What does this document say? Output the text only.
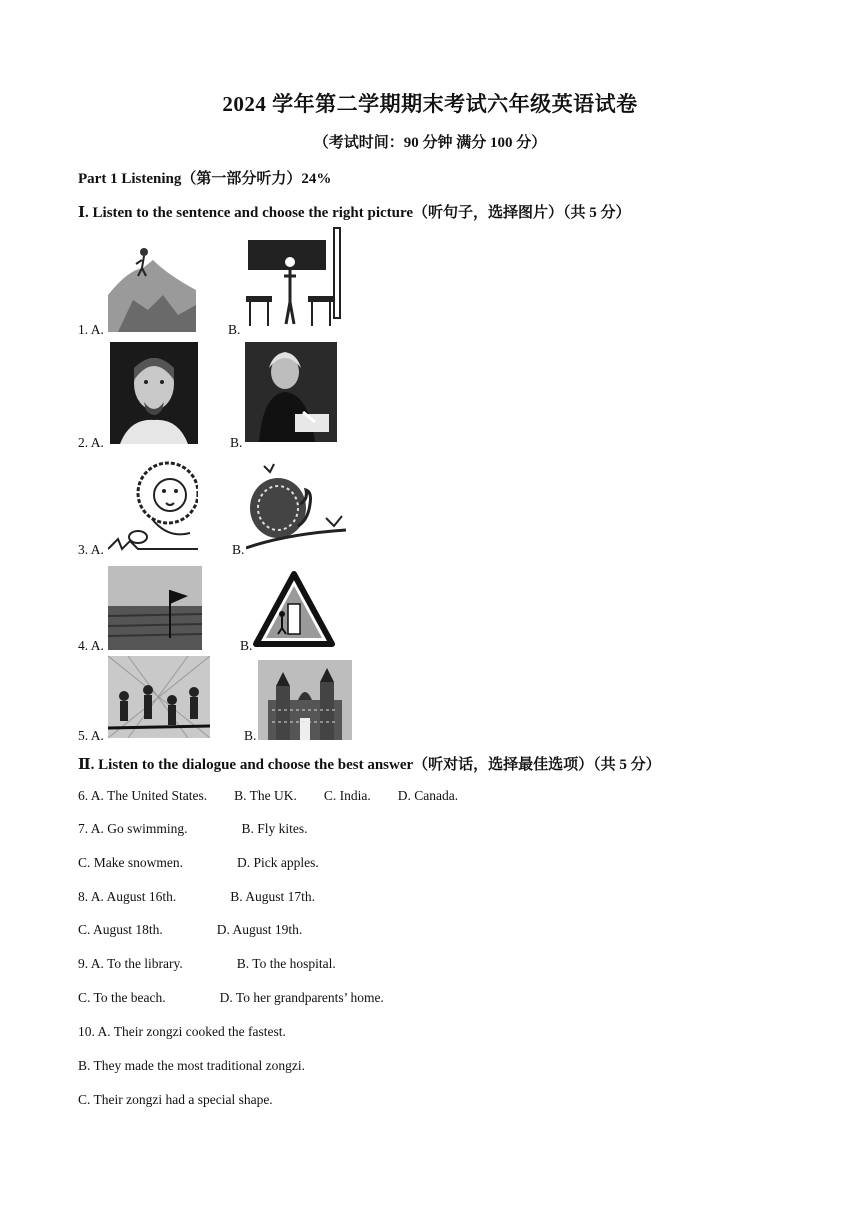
2024 学年第二学期期末考试六年级英语试卷
（考试时间：90 分钟 满分 100 分）
Part 1 Listening（第一部分听力）24%
Ⅰ. Listen to the sentence and choose the right picture（听句子，选择图片）（共 5 分）
1. A.	B.
2. A.	B.
3. A.	B.
4. A.	B.
5. A.	B.
Ⅱ. Listen to the dialogue and choose the best answer（听对话，选择最佳选项）（共 5 分）
6. A. The United States.        B. The UK.        C. India.        D. Canada.
7. A. Go swimming.                B. Fly kites.
C. Make snowmen.                D. Pick apples.
8. A. August 16th.                B. August 17th.
C. August 18th.                D. August 19th.
9. A. To the library.                B. To the hospital.
C. To the beach.                D. To her grandparents’ home.
10. A. Their zongzi cooked the fastest.
B. They made the most traditional zongzi.
C. Their zongzi had a special shape.
